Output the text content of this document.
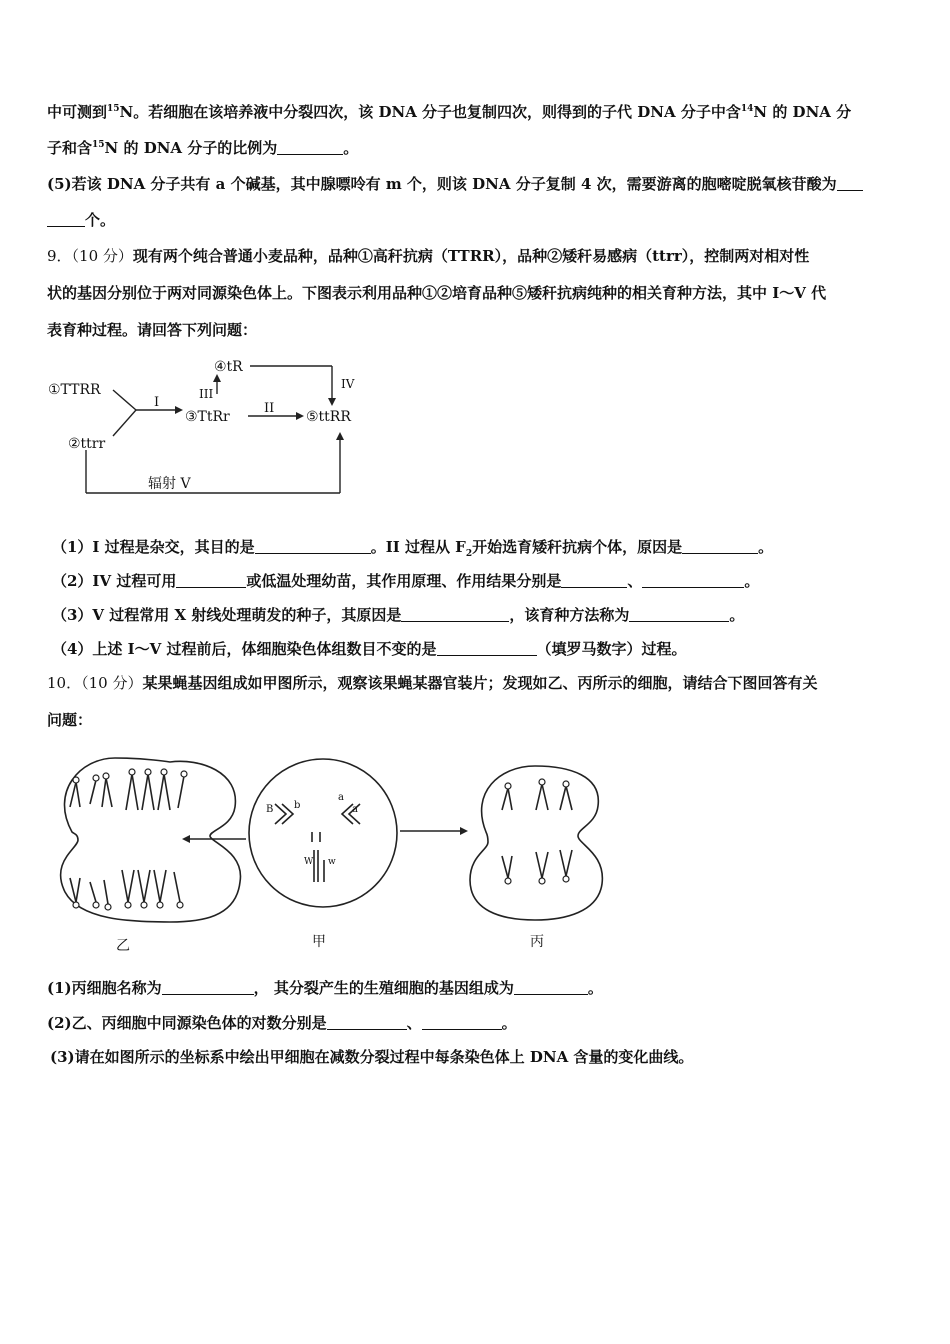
中可测到$^{15}$N。若细胞在该培养液中分裂四次，该 DNA 分子也复制四次，则得到的子代 DNA 分子中含$^{14}$N 的 DNA 分
子和含$^{15}$N 的 DNA 分子的比例为	。
(5)若该 DNA 分子共有 a 个碱基，其中腺嘌呤有 m 个，则该 DNA 分子复制 4 次，需要游离的胞嘧啶脱氧核苷酸为
个。
9．（10 分）现有两个纯合普通小麦品种，品种①高秆抗病（TTRR），品种②矮秆易感病（ttrr），控制两对相对性
状的基因分别位于两对同源染色体上。下图表示利用品种①②培育品种⑤矮秆抗病纯种的相关育种方法，其中 I～V 代
表育种过程。请回答下列问题：
①TTRR
②ttrr
③TtRr
④tR
⑤ttRR
I	II
III
IV
辐射 V
（1）I 过程是杂交，其目的是	。II 过程从 $F_2$开始选育矮秆抗病个体，原因是	。
（2）IV 过程可用	或低温处理幼苗，其作用原理、作用结果分别是	、	。
（3）V 过程常用 X 射线处理萌发的种子，其原因是	，该育种方法称为	。
（4）上述 I～V 过程前后，体细胞染色体组数目不变的是	（填罗马数字）过程。
10．（10 分）某果蝇基因组成如甲图所示，观察该果蝇某器官装片；发现如乙、丙所示的细胞，请结合下图回答有关
问题：
B b
a
a
W w
乙	甲	丙
(1)丙细胞名称为	， 其分裂产生的生殖细胞的基因组成为	。
(2)乙、丙细胞中同源染色体的对数分别是	、	。
(3)请在如图所示的坐标系中绘出甲细胞在减数分裂过程中每条染色体上 DNA 含量的变化曲线。
